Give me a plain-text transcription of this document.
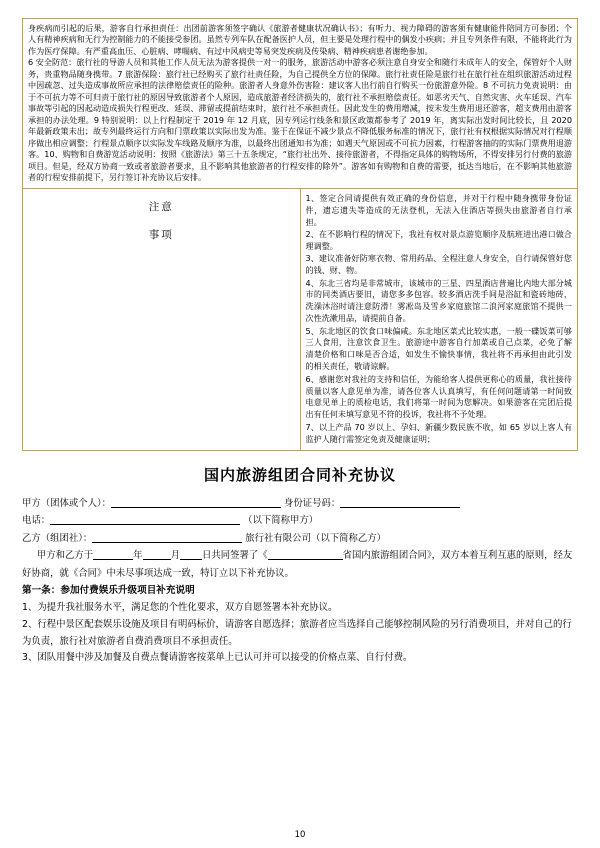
身疾病而引起的后果，游客自行承担责任：出团前游客须签字确认《旅游者健康状况确认书》；有听力、视力障碍的游客须有健康能件陪同方可参团；个人有精神疾病和无行为控制能力的不能接受参团。虽然专列车队在配备医护人员，但主要是处理行程中的偶发小疾病；并且专列条件有限，不能将此行为作为医疗保障。有严重高血压、心脏病、哮喘病、有过中风病史等易突发疾病及传染病、精神疾病患者谢绝参加。

6 安全防范：旅行社的导游人员和其他工作人员无法为游客提供一对一的服务，旅游活动中游客必须注意自身安全和随行未成年人的安全，保管好个人财务，贵重物品随身携带。7 旅游保险：旅行社已经购买了旅行社责任险，为自己提供全方位的保障。旅行社责任险是旅行社在旅行社在组织旅游活动过程中因疏忽、过失造成事故所应承担的法律赔偿责任的险种。旅游者人身意外伤害险：建议客人出行前自行购买一份旅游意外险。8 不可抗力免责说明：由于不可抗力等不可归责于旅行社的原因导致旅游者个人原因，造成旅游者经济损失的，旅行社不承担赔偿责任。如恶劣天气、自然灾害、火车延误、汽车事故等引起的因起动造成损失行程更改、延误、滞留或提前结束时，旅行社不承担责任。因此发生的费用增减，按未发生费用退还游客，超支费用由游客承担的办法处理。9 特别说明：以上行程制定于 2019 年 12 月底，因专列运行线条和景区政策都参考了 2019 年，离实际出发时间比较长，且 2020 年最新政策未出；故专列最终运行方向和门票政策以实际出发为准。鉴于在保证不减少景点不降低服务标准的情况下，旅行社有权根据实际情况对行程顺序做出相应调整；行程景点顺序以实际发车线路及顺序为准，以最终出团通知书为准；如遇天气原因或不可抗力因素，行程游客抽的的实际门票费用退游客。10、购物和自费游览活动说明：按照《旅游法》第三十五条规定，“旅行社出外、接待旅游者，不得指定具体的购物场所，不得安排另行付费的旅游项目。但是，经双方协商一致或者旅游者要求，且不影响其他旅游者的行程安排的除外”。游客如有购物和自费的需要，抵达当地后，在不影响其他旅游者的行程安排前提下，另行签订补充协议后安排。

注意
事项

1、签定合同请提供有效正确的身份信息，并对于行程中随身携带身份证件，遗忘遗失等造成的无法登机，无法入住酒店等损失由旅游者自行承担。

2、在不影响行程的情况下，我社有权对景点游览顺序及航班进出港口做合理调整。

3、建议准备好防寒衣物、常用药品、全程注意人身安全，自行请保管好您的钱、财、物。

4、东北三省均是非常城市，该城市的三星、四星酒店普遍比内地大部分城市的同类酒店要旧，请您多多包容。较多酒店洗手间是浴缸和瓷砖地砖，洗澡沐浴时请注意防滑！雾凇岛及雪乡家庭旅馆二浪河家庭旅馆不提供一次性洗漱用品，请提前自备。

5、东北地区的饮食口味偏咸。东北地区菜式比较实惠，一般一碟饭菜可够三人食用，注意饮食卫生。旅游途中游客自行加菜或自己点菜，必免了解清楚价格和口味是否合适，如发生不愉快事情，我社将不再承担由此引发的相关责任，敬请谅解。

6、感谢您对我社的支持和信任，为能给客人提供更称心的质量，我社接待质量以客人意见单为准，请各位客人认真填写，有任何问题请第一时间致电意见单上的质检电话，我们将第一时间为您解决。如果游客在完团后提出有任何未填写意见不符的投诉，我社将不予处理。

7、以上产品 70 岁以上、孕妇、新疆少数民族不收，如 65 岁以上客人有监护人随行需签定免责及健康证明；

国内旅游组团合同补充协议

甲方（团体或个人）：	身份证号码：

电话：	（以下简称甲方）

乙方（组团社）：	旅行社有限公司（以下简称乙方）

甲方和乙方于	年	月 日共同签署了《	省国内旅游组团合同》，双方本着互利互惠的原则，经友好协商，就《合同》中未尽事项达成一致，特订立以下补充协议。

第一条：参加付费娱乐升级项目补充说明

1、为提升我社服务水平，满足您的个性化要求，双方自愿签署本补充协议。

2、行程中景区配套娱乐设施及项目有明码标价，请游客自愿选择；旅游者应当选择自己能够控制风险的另行消费项目，并对自己的行为负责，旅行社对旅游者自费消费项目不承担责任。

3、团队用餐中涉及加餐及自费点餐请游客按菜单上已认可并可以接受的价格点菜、自行付费。

10
